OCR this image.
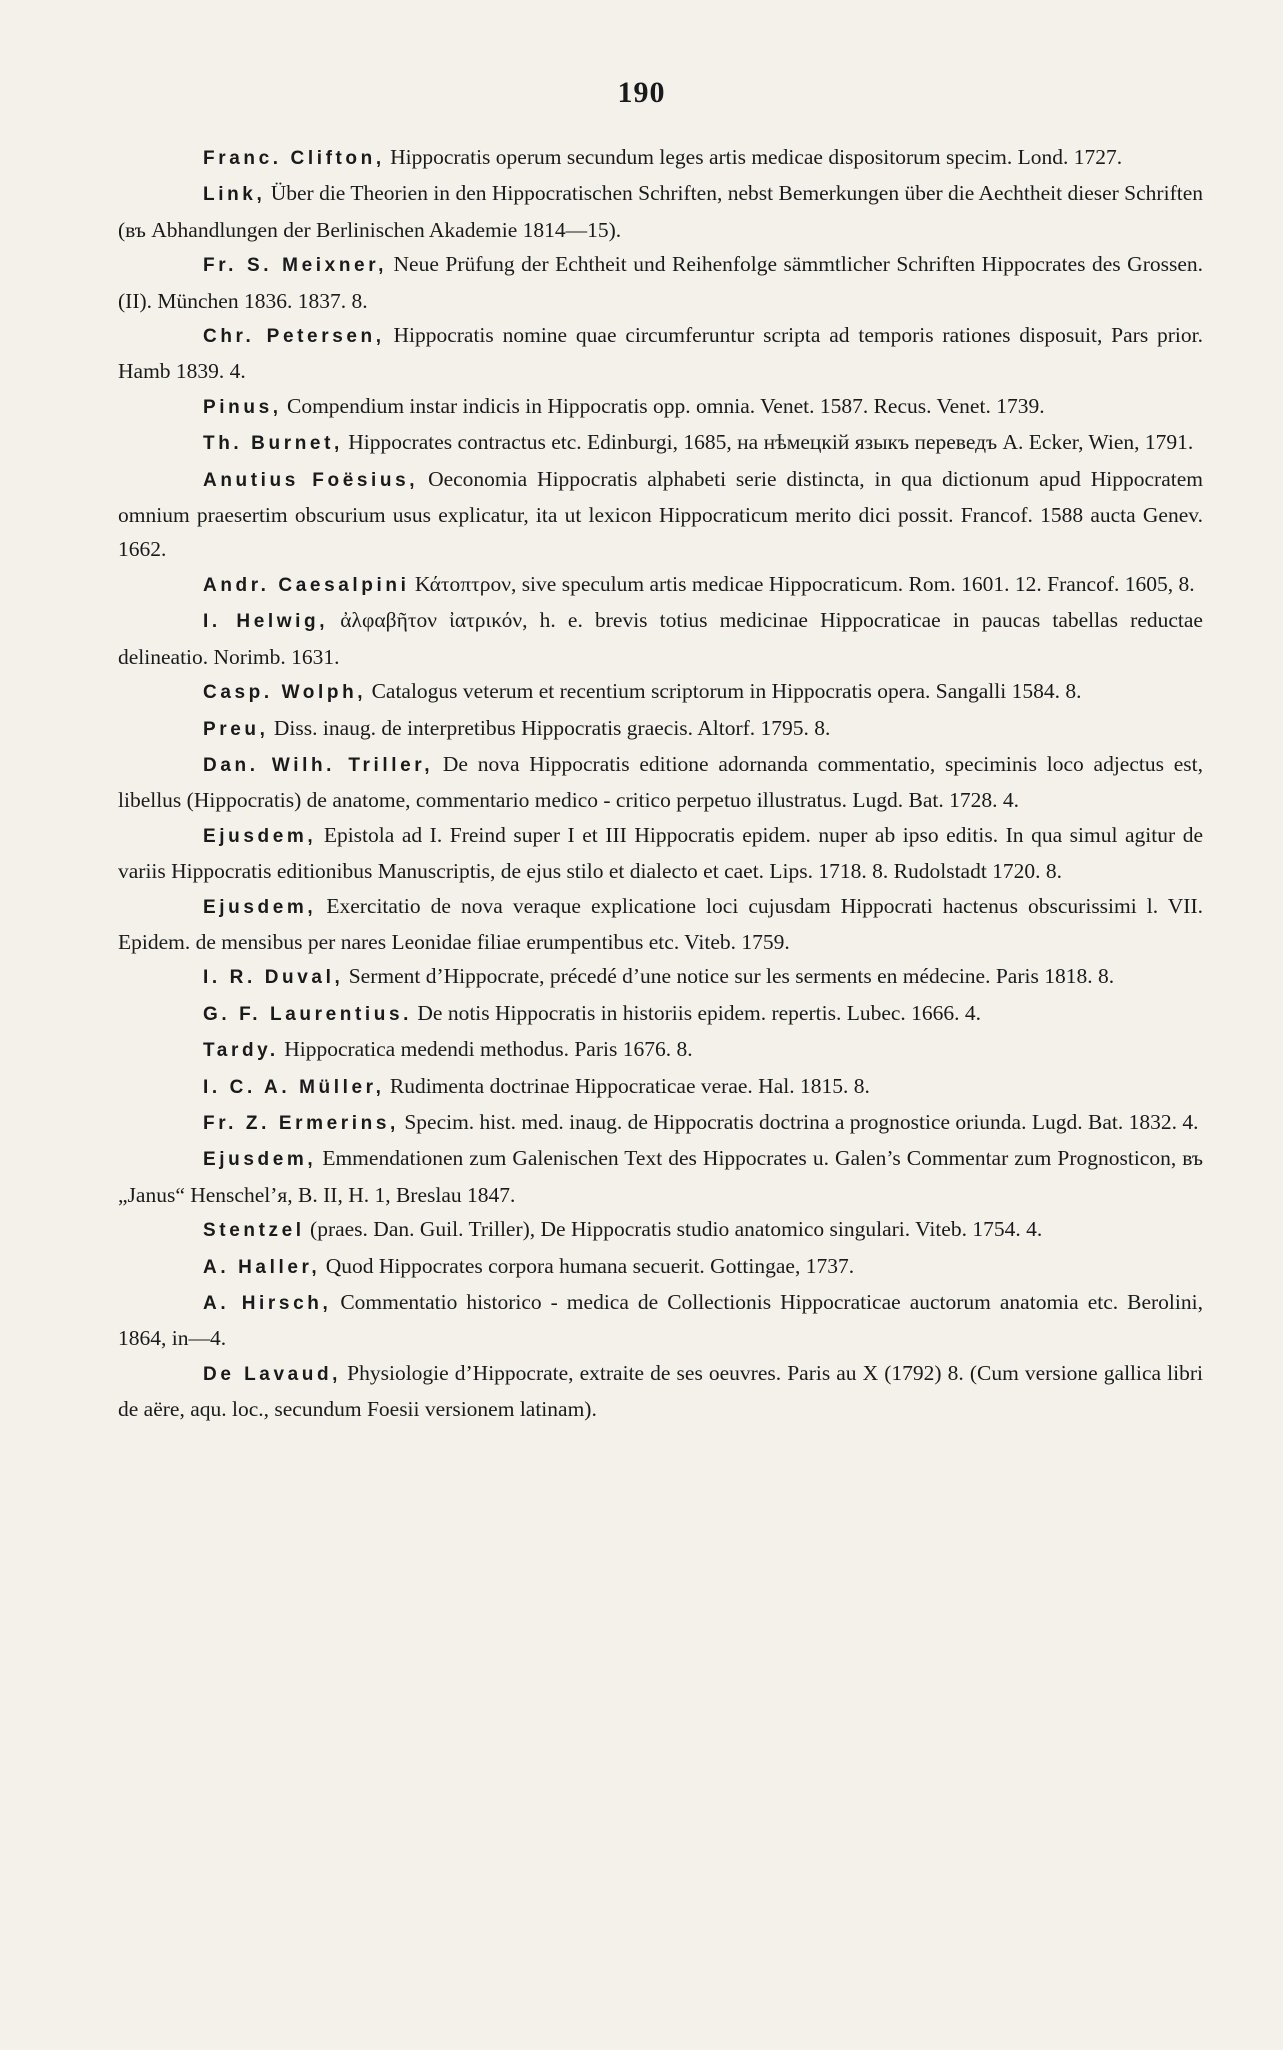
190

Franc. Clifton, Hippocratis operum secundum leges artis medicae dispositorum specim. Lond. 1727.

Link, Über die Theorien in den Hippocratischen Schriften, nebst Bemerkungen über die Aechtheit dieser Schriften (въ Abhandlungen der Berlinischen Akademie 1814—15).

Fr. S. Meixner, Neue Prüfung der Echtheit und Reihenfolge sämmtlicher Schriften Hippocrates des Grossen. (II). München 1836. 1837. 8.

Chr. Petersen, Hippocratis nomine quae circumferuntur scripta ad temporis rationes disposuit, Pars prior. Hamb 1839. 4.

Pinus, Compendium instar indicis in Hippocratis opp. omnia. Venet. 1587. Recus. Venet. 1739.

Th. Burnet, Hippocrates contractus etc. Edinburgi, 1685, на нѣмецкій языкъ переведъ A. Ecker, Wien, 1791.

Anutius Foësius, Oeconomia Hippocratis alphabeti serie distincta, in qua dictionum apud Hippocratem omnium praesertim obscurium usus explicatur, ita ut lexicon Hippocraticum merito dici possit. Francof. 1588 aucta Genev. 1662.

Andr. Caesalpini Κάτοπτρον, sive speculum artis medicae Hippocraticum. Rom. 1601. 12. Francof. 1605, 8.

I. Helwig, ἀλφαβῆτον ἰατρικόν, h. e. brevis totius medicinae Hippocraticae in paucas tabellas reductae delineatio. Norimb. 1631.

Casp. Wolph, Catalogus veterum et recentium scriptorum in Hippocratis opera. Sangalli 1584. 8.

Preu, Diss. inaug. de interpretibus Hippocratis graecis. Altorf. 1795. 8.

Dan. Wilh. Triller, De nova Hippocratis editione adornanda commentatio, speciminis loco adjectus est, libellus (Hippocratis) de anatome, commentario medico - critico perpetuo illustratus. Lugd. Bat. 1728. 4.

Ejusdem, Epistola ad I. Freind super I et III Hippocratis epidem. nuper ab ipso editis. In qua simul agitur de variis Hippocratis editionibus Manuscriptis, de ejus stilo et dialecto et caet. Lips. 1718. 8. Rudolstadt 1720. 8.

Ejusdem, Exercitatio de nova veraque explicatione loci cujusdam Hippocrati hactenus obscurissimi l. VII. Epidem. de mensibus per nares Leonidae filiae erumpentibus etc. Viteb. 1759.

I. R. Duval, Serment d’Hippocrate, précedé d’une notice sur les serments en médecine. Paris 1818. 8.

G. F. Laurentius. De notis Hippocratis in historiis epidem. repertis. Lubec. 1666. 4.

Tardy. Hippocratica medendi methodus. Paris 1676. 8.

I. C. A. Müller, Rudimenta doctrinae Hippocraticae verae. Hal. 1815. 8.

Fr. Z. Ermerins, Specim. hist. med. inaug. de Hippocratis doctrina a prognostice oriunda. Lugd. Bat. 1832. 4.

Ejusdem, Emmendationen zum Galenischen Text des Hippocrates u. Galen’s Commentar zum Prognosticon, въ „Janus“ Henschel’я, B. II, H. 1, Breslau 1847.

Stentzel (praes. Dan. Guil. Triller), De Hippocratis studio anatomico singulari. Viteb. 1754. 4.

A. Haller, Quod Hippocrates corpora humana secuerit. Gottingae, 1737.

A. Hirsch, Commentatio historico - medica de Collectionis Hippocraticae auctorum anatomia etc. Berolini, 1864, in—4.

De Lavaud, Physiologie d’Hippocrate, extraite de ses oeuvres. Paris au X (1792) 8. (Cum versione gallica libri de aëre, aqu. loc., secundum Foesii versionem latinam).
